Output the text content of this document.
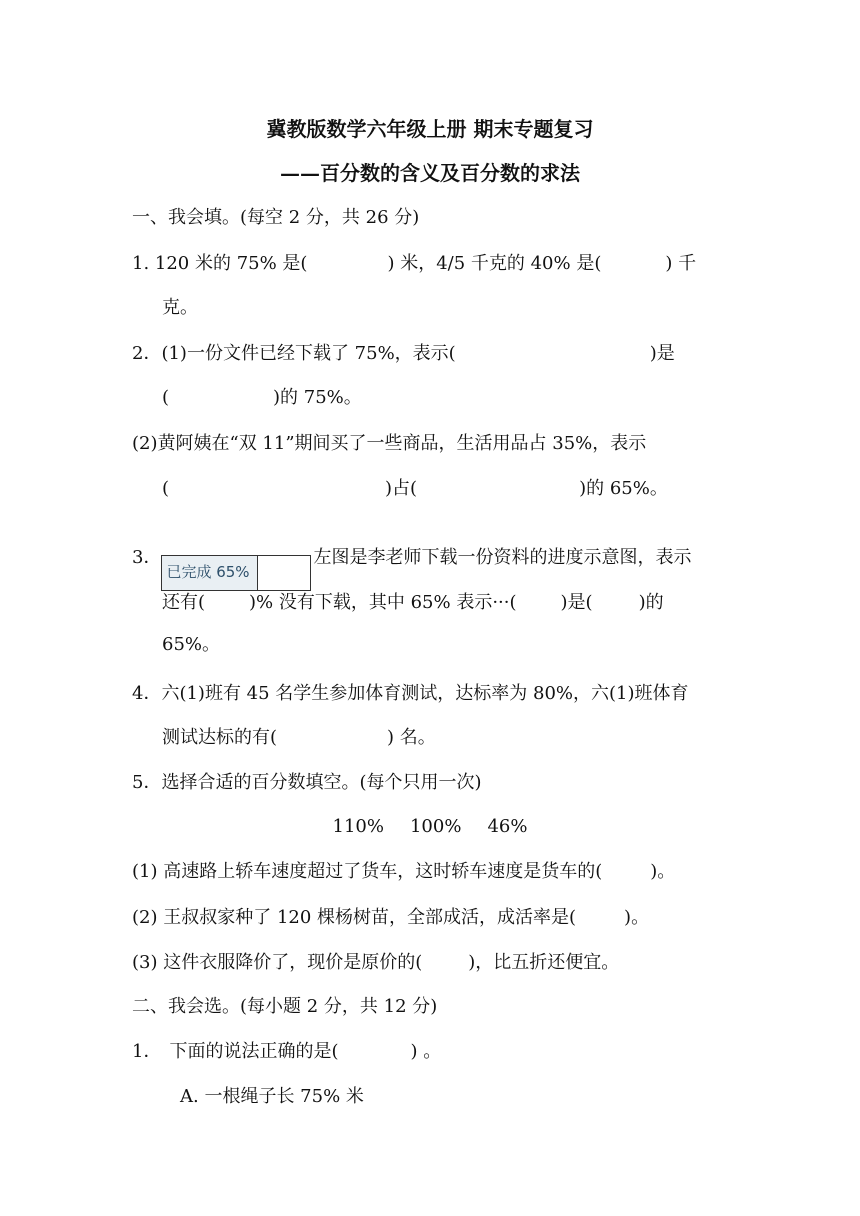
冀教版数学六年级上册 期末专题复习
——百分数的含义及百分数的求法
一、我会填。(每空 2 分，共 26 分)
1. 120 米的 75% 是(	) 米，4/5 千克的 40% 是(	) 千
克。
2．(1)一份文件已经下载了 75%，表示(	)是
(	)的 75%。
(2)黄阿姨在“双 11”期间买了一些商品，生活用品占 35%，表示
(	)占(	)的 65%。
3．
已完成 65%
左图是李老师下载一份资料的进度示意图，表示
还有( )% 没有下载，其中 65% 表示···( )是(	)的
65%。
4．六(1)班有 45 名学生参加体育测试，达标率为 80%，六(1)班体育
测试达标的有(	) 名。
5．选择合适的百分数填空。(每个只用一次)
110% 100% 46%
(1) 高速路上轿车速度超过了货车，这时轿车速度是货车的(	)。
(2) 王叔叔家种了 120 棵杨树苗，全部成活，成活率是(	)。
(3) 这件衣服降价了，现价是原价的(	)，比五折还便宜。
二、我会选。(每小题 2 分，共 12 分)
1． 下面的说法正确的是(	) 。
A. 一根绳子长 75% 米
